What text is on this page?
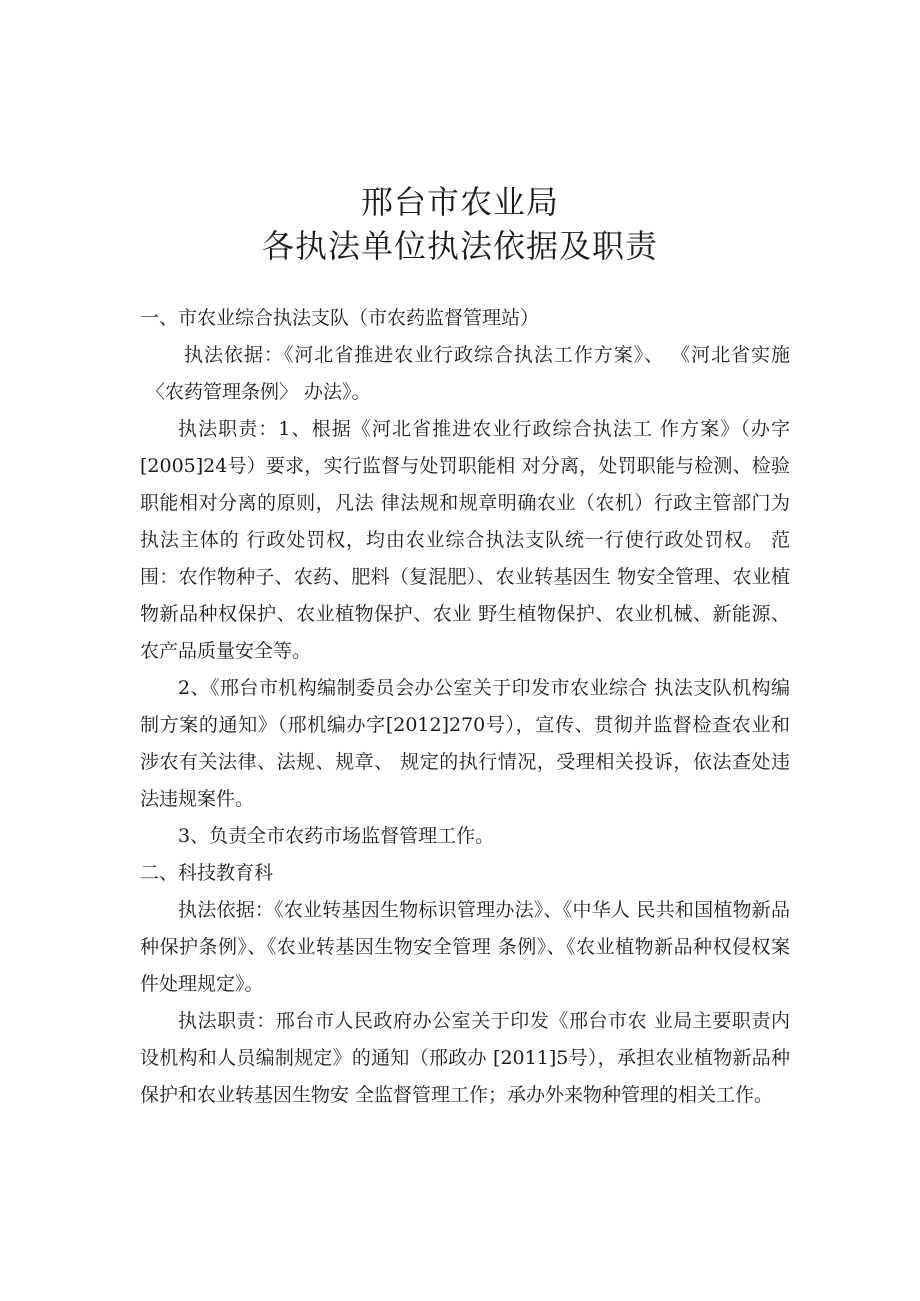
邢台市农业局
各执法单位执法依据及职责

一、市农业综合执法支队（市农药监督管理站）

执法依据：《河北省推进农业行政综合执法工作方案》、 《河北省实施〈农药管理条例〉 办法》。

执法职责：1、根据《河北省推进农业行政综合执法工 作方案》（办字[2005]24号）要求，实行监督与处罚职能相 对分离，处罚职能与检测、检验职能相对分离的原则，凡法 律法规和规章明确农业（农机）行政主管部门为执法主体的 行政处罚权，均由农业综合执法支队统一行使行政处罚权。 范围：农作物种子、农药、肥料（复混肥）、农业转基因生 物安全管理、农业植物新品种权保护、农业植物保护、农业 野生植物保护、农业机械、新能源、农产品质量安全等。

2、《邢台市机构编制委员会办公室关于印发市农业综合 执法支队机构编制方案的通知》（邢机编办字[2012]270号），宣传、贯彻并监督检查农业和涉农有关法律、法规、规章、 规定的执行情况，受理相关投诉，依法查处违法违规案件。

3、负责全市农药市场监督管理工作。

二、科技教育科

执法依据：《农业转基因生物标识管理办法》、《中华人 民共和国植物新品种保护条例》、《农业转基因生物安全管理 条例》、《农业植物新品种权侵权案件处理规定》。

执法职责：邢台市人民政府办公室关于印发《邢台市农 业局主要职责内设机构和人员编制规定》的通知（邢政办 [2011]5号），承担农业植物新品种保护和农业转基因生物安 全监督管理工作；承办外来物种管理的相关工作。
